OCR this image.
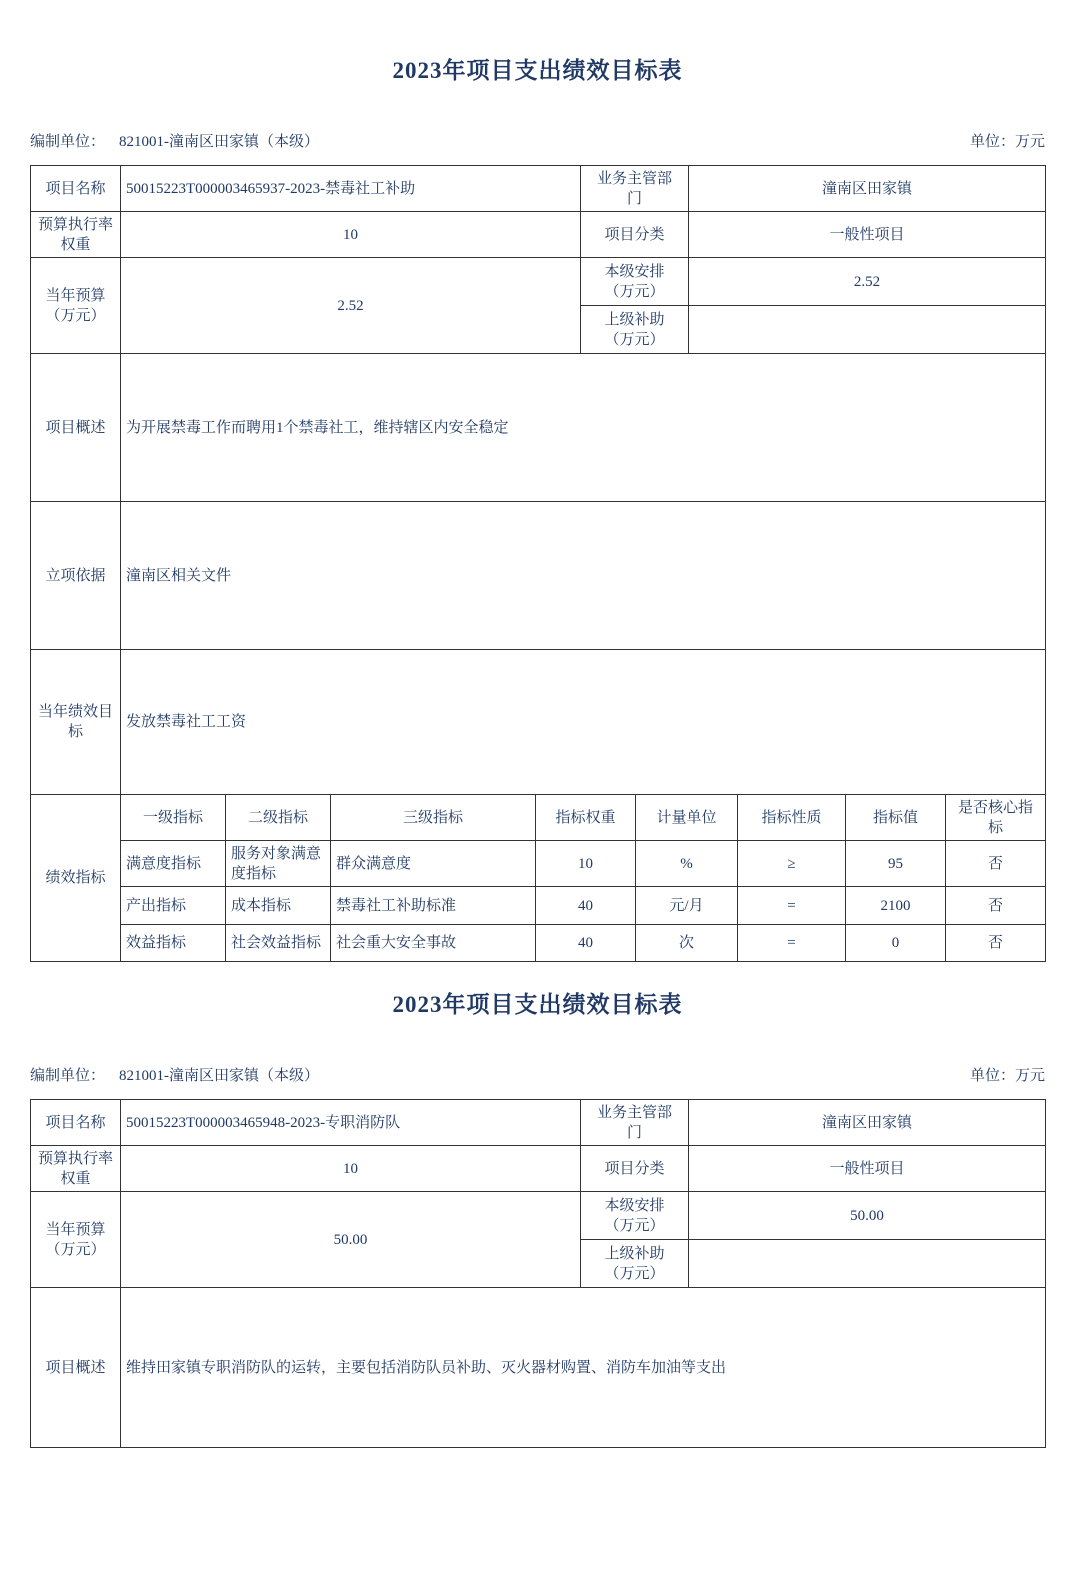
2023年项目支出绩效目标表
编制单位： 821001-潼南区田家镇（本级）	单位：万元
项目名称	50015223T000003465937-2023-禁毒社工补助	业务主管部门	潼南区田家镇
预算执行率权重	10	项目分类	一般性项目
当年预算（万元）	2.52	本级安排（万元）	2.52
		上级补助（万元）	
项目概述	为开展禁毒工作而聘用1个禁毒社工，维持辖区内安全稳定		
立项依据	潼南区相关文件		
当年绩效目标	发放禁毒社工工资		
绩效指标	一级指标	二级指标	三级指标	指标权重	计量单位	指标性质	指标值	是否核心指标
	满意度指标	服务对象满意度指标	群众满意度	10	%	≥	95	否
	产出指标	成本指标	禁毒社工补助标准	40	元/月	=	2100	否
	效益指标	社会效益指标	社会重大安全事故	40	次	=	0	否
2023年项目支出绩效目标表
编制单位： 821001-潼南区田家镇（本级）	单位：万元
项目名称	50015223T000003465948-2023-专职消防队	业务主管部门	潼南区田家镇
预算执行率权重	10	项目分类	一般性项目
当年预算（万元）	50.00	本级安排（万元）	50.00
		上级补助（万元）	
项目概述	维持田家镇专职消防队的运转，主要包括消防队员补助、灭火器材购置、消防车加油等支出		
